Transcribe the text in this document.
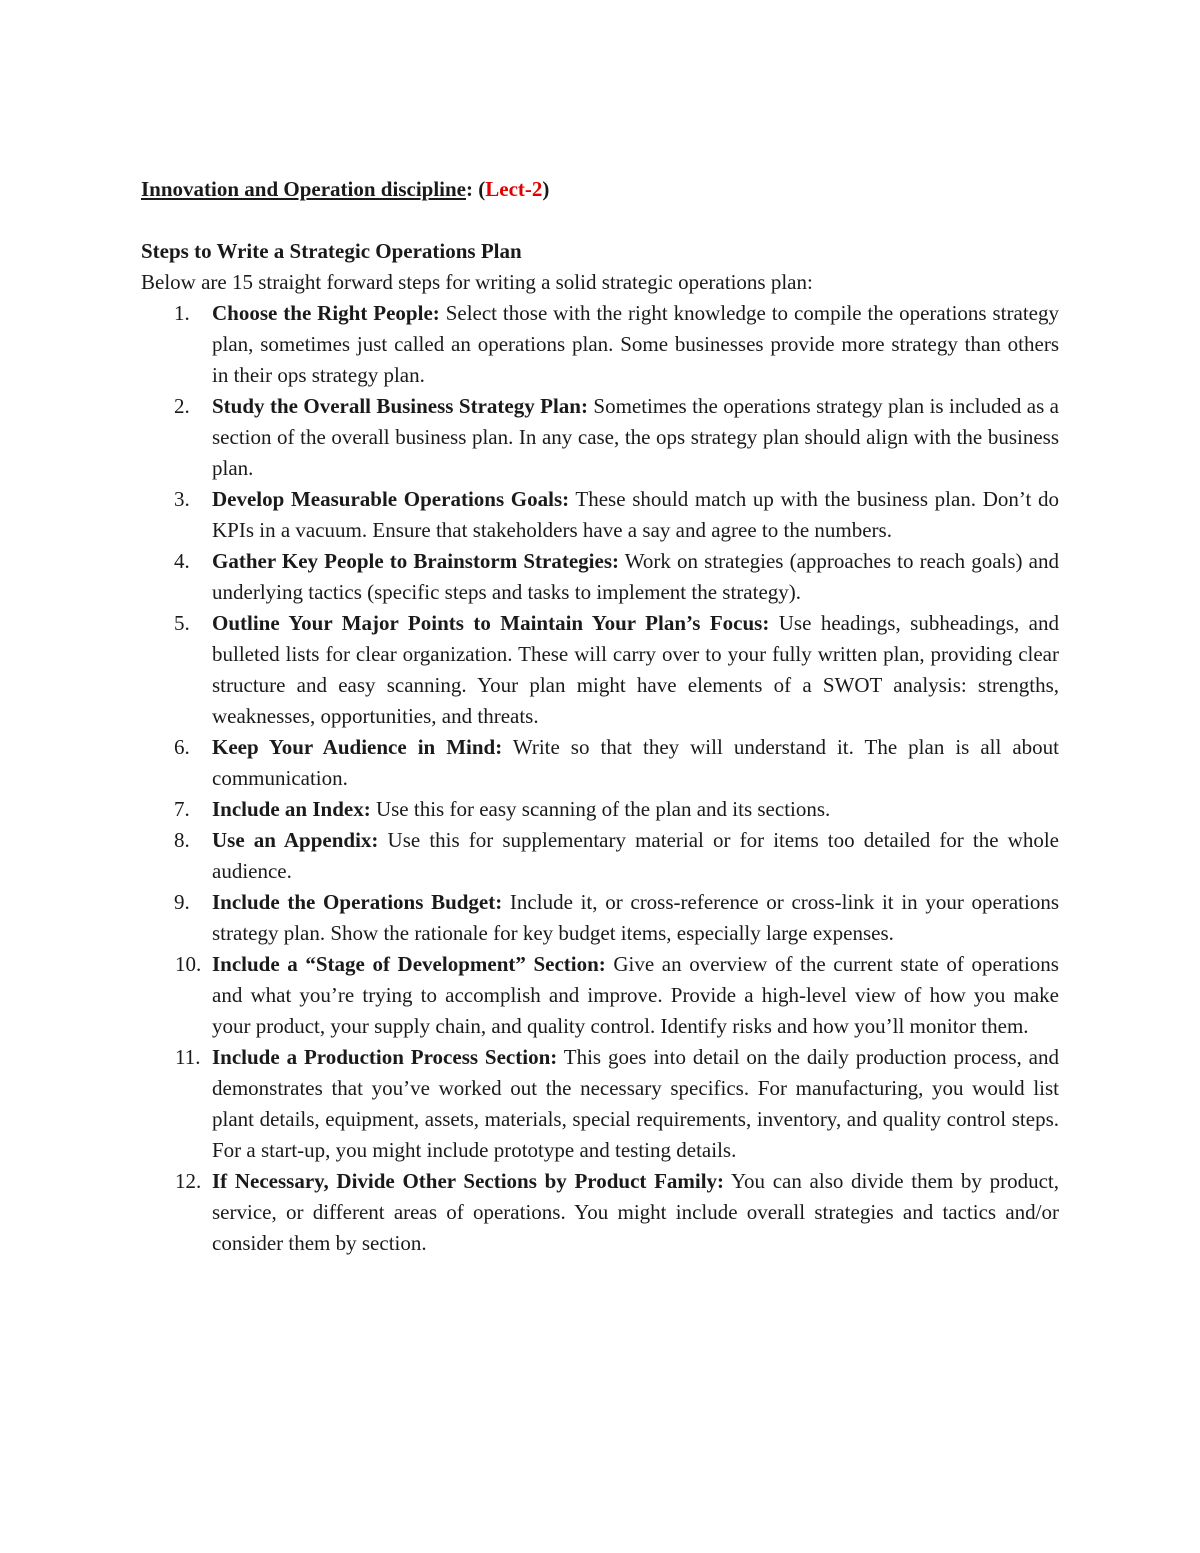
Innovation and Operation discipline: (Lect-2)

Steps to Write a Strategic Operations Plan

Below are 15 straight forward steps for writing a solid strategic operations plan:

1. Choose the Right People: Select those with the right knowledge to compile the operations strategy plan, sometimes just called an operations plan. Some businesses provide more strategy than others in their ops strategy plan.
2. Study the Overall Business Strategy Plan: Sometimes the operations strategy plan is included as a section of the overall business plan. In any case, the ops strategy plan should align with the business plan.
3. Develop Measurable Operations Goals: These should match up with the business plan. Don’t do KPIs in a vacuum. Ensure that stakeholders have a say and agree to the numbers.
4. Gather Key People to Brainstorm Strategies: Work on strategies (approaches to reach goals) and underlying tactics (specific steps and tasks to implement the strategy).
5. Outline Your Major Points to Maintain Your Plan’s Focus: Use headings, subheadings, and bulleted lists for clear organization. These will carry over to your fully written plan, providing clear structure and easy scanning. Your plan might have elements of a SWOT analysis: strengths, weaknesses, opportunities, and threats.
6. Keep Your Audience in Mind: Write so that they will understand it. The plan is all about communication.
7. Include an Index: Use this for easy scanning of the plan and its sections.
8. Use an Appendix: Use this for supplementary material or for items too detailed for the whole audience.
9. Include the Operations Budget: Include it, or cross-reference or cross-link it in your operations strategy plan. Show the rationale for key budget items, especially large expenses.
10. Include a “Stage of Development” Section: Give an overview of the current state of operations and what you’re trying to accomplish and improve. Provide a high-level view of how you make your product, your supply chain, and quality control. Identify risks and how you’ll monitor them.
11. Include a Production Process Section: This goes into detail on the daily production process, and demonstrates that you’ve worked out the necessary specifics. For manufacturing, you would list plant details, equipment, assets, materials, special requirements, inventory, and quality control steps. For a start-up, you might include prototype and testing details.
12. If Necessary, Divide Other Sections by Product Family: You can also divide them by product, service, or different areas of operations. You might include overall strategies and tactics and/or consider them by section.
